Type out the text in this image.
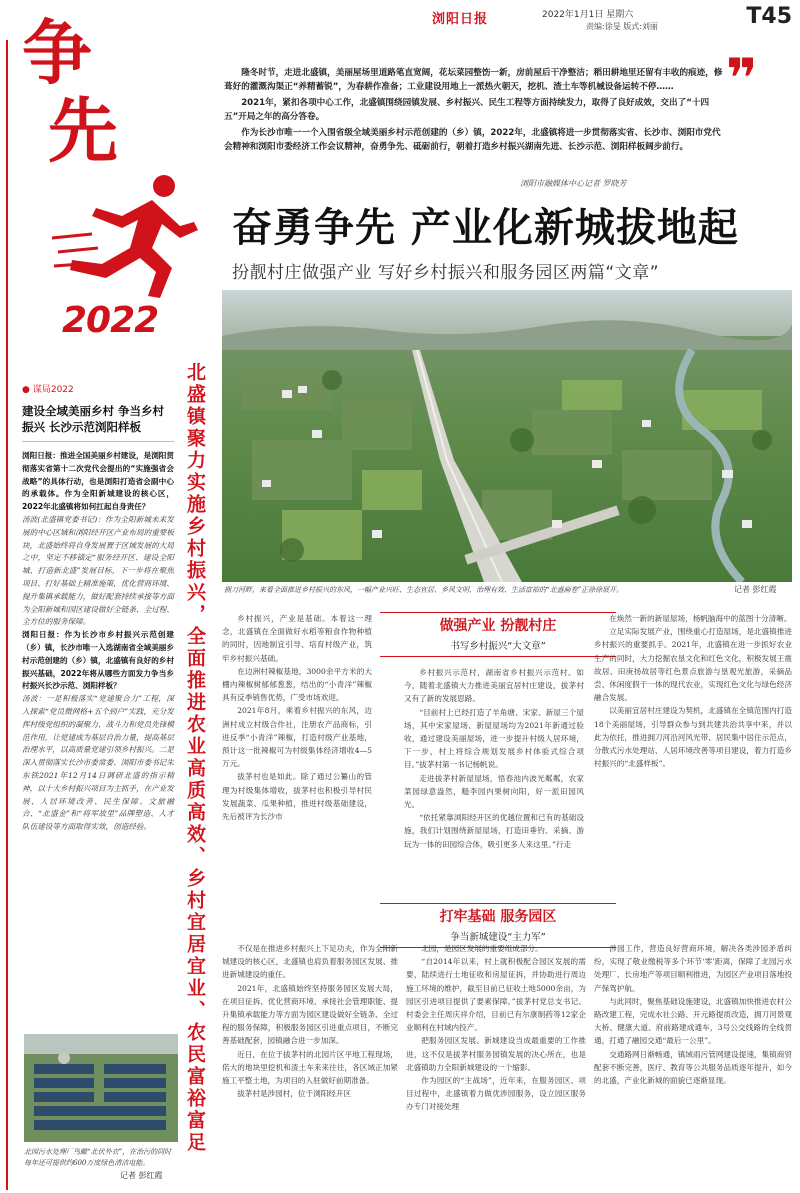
浏阳日报	2022年1月1日 星期六
责编:徐旻 版式:刘丽	T45
争
先
2022
❞

隆冬时节，走进北盛镇，美丽屋场里道路笔直宽阔，花坛菜园整饬一新，房前屋后干净整洁；稻田耕地里还留有丰收的痕迹，修葺好的灌溉沟渠正“养精蓄锐”，为春耕作准备；工业建设用地上一派热火朝天，挖机、渣土车等机械设备运转不停……

2021年，紧扣各项中心工作，北盛镇围绕园镇发展、乡村振兴、民生工程等方面持续发力，取得了良好成效，交出了“十四五”开局之年的高分答卷。

作为长沙市唯一一个入围省级全域美丽乡村示范创建的（乡）镇，2022年，北盛镇将进一步贯彻落实省、长沙市、浏阳市党代会精神和浏阳市委经济工作会议精神，奋勇争先、砥砺前行，朝着打造乡村振兴湖南先进、长沙示范、浏阳样板阔步前行。

浏阳市融媒体中心记者 罗晓芳
奋勇争先 产业化新城拔地起
扮靓村庄做强产业 写好乡村振兴和服务园区两篇“文章”
拥刀河畔，来看全面推进乡村振兴的东风，一幅产业兴旺、生态宜居、乡风文明、治理有效、生活富裕的“北盛画卷”正徐徐展开。	记者 彭红霞
● 谋局2022
建设全域美丽乡村 争当乡村振兴 长沙示范浏阳样板

浏阳日报：推进全国美丽乡村建设，是浏阳贯彻落实省第十二次党代会提出的“实施强省会战略”的具体行动，也是浏阳打造省会副中心的承载体。作为全阳新城建设的核心区，2022年北盛镇将如何扛起自身责任？

汤波(北盛镇党委书记)：作为全阳新城未来发展的中心区域和浏阳经开区产业布局的重要板块，北盛始终将自身发展置于区域发展的大局之中，坚定不移锚定“服务经开区、建设全阳城、打造新北盛”发展目标，下一步将在聚焦项目、打好基础上精准施策，优化营商环境、提升集镇承载能力，做好配套持续承接等方面为全阳新城和园区建设做好全链条、全过程、全方位的服务保障。

浏阳日报：作为长沙市乡村振兴示范创建（乡）镇，长沙市唯一入选湖南省全域美丽乡村示范创建的（乡）镇，北盛镇有良好的乡村振兴基础，2022年将从哪些方面发力争当乡村振兴长沙示范、浏阳样板？

汤波：一是积极落实“党建聚合力”工程，深入探索“党员微网格+五个到户”实践，充分发挥村级党组织的凝聚力、战斗力和党员先锋模范作用，让党建成为基层自治力量，提高基层治理水平，以高质量党建引领乡村振兴。二是深入贯彻落实长沙市委常委、浏阳市委书记朱东铁2021年12月14日调研北盛的指示精神，以十大乡村振兴项目为主抓手，在产业发展、人居环境改善、民生保障、文旅融合、“北盛金”和“将军故里”品牌塑造、人才队伍建设等方面取得实效，创造经验。	北盛镇聚力实施乡村振兴，全面推进农业高质高效、乡村宜居宜业、农民富裕富足
北园污水处理厂鸟瞰“北伏外衣”，在治污的同时每年还可提供约600万度绿色清洁电能。
记者 彭红霞
做强产业 扮靓村庄
书写乡村振兴“大文章”

乡村振兴，产业是基础。本着这一理念，北盛镇在全面做好水稻等粮食作物种植的同时，因地制宜引导、培育村级产业，筑牢乡村振兴基础。

在边洲村辣椒基地，3000余平方米的大棚内辣椒树郁郁葱葱，结出的“小青洋”辣椒具有反季销售优势，广受市场欢迎。

2021年8月，乘着乡村振兴的东风，边洲村成立村级合作社，注册农产品商标，引进反季“小青洋”辣椒，打造村级产业基地，预计这一批辣椒可为村级集体经济增收4—5万元。

拔茅村也是如此。除了通过公纂山的管理为村级集体增收，拔茅村也积极引导村民发展蔬菜、瓜果种植，推进村级基础建设，先后被评为长沙市

乡村振兴示范村，湖南省乡村振兴示范村。如今，随着北盛镇大力推进美丽宜居村庄建设，拔茅村又有了新的发展思路。

“目前村上已经打造了羊角塘、宋家、新屋三个屋场，其中宋家屋场、新屋屋场均为2021年新通过验收，通过建设美丽屋场，进一步提升村级人居环境，下一步，村上将综合规划发展乡村体验式综合项目。”拔茅村第一书记杨帆说。

走进拔茅村新屋屋场，悟春池内波光粼粼，农家菜园绿意盎然，糙李园内果树向阳，好一派田园风光。

“依托紧靠浏阳经开区的优越位置和已有的基础设施，我们计划围绕新屋屋场，打造田垂钓、采摘、游玩为一体的田园综合体，吸引更多人来这里。”行走

在焕然一新的新屋屋场，杨帆脑海中的蓝图十分清晰。

立足实际发展产业，围绕重心打造屋场，是北盛镇推进乡村振兴的重要抓手。2021年，北盛镇在进一步抓好农业生产的同时，大力挖掘农垦文化和红色文化，积极发展王震故居、田庚扬故居等红色景点旅游与垦观光旅游，采摘品尝、休闲度假于一体的现代农业，实现红色文化与绿色经济融合发展。

以美丽宜居村庄建设为契机，北盛镇在全镇范围内打造18个美丽屋场，引导群众参与到共建共治共享中来，并以此为依托，推进拥刀河沿河风光带、居民集中居住示范点，分散式污水处理站、人居环境改善等项目建设，着力打造乡村振兴的“北盛样板”。

打牢基础 服务园区
争当新城建设“主力军”

不仅是在推进乡村振兴上下足功夫，作为全阳新城建设的核心区，北盛镇也肩负着服务园区发展、推进新城建设的重任。

2021年，北盛镇始终坚持服务园区发展大局，在项目征拆、优化营商环境、承接社会管理职能、提升集镇承载能力等方面为园区建设做好全链条、全过程的服务保障，积极服务园区引进重点项目，不断完善基础配套，园镇融合进一步加深。

近日，在位于拔茅村的北园片区平地工程现场，偌大的地块里挖机和渣土车来来往往，各区域正加紧施工平整土地，为项目的入驻做好前期准备。

拔茅村是涉园村，位于浏阳经开区

北园，是园区发展的重要组成部分。

“自2014年以来，村上就积极配合园区发展的需要，陆续进行土地征收和房屋征拆，并协助进行周边施工环境的维护，截至目前已征收土地5000余亩，为园区引进项目提供了要素保障。”拔茅村党总支书记、村委会主任周庆祥介绍，目前已有尔康制药等12家企业顺利在村域内投产。

把服务园区发展、新城建设当成最重要的工作推进，这不仅是拔茅村服务园镇发展的决心所在，也是北盛镇助力全阳新城建设的一个缩影。

作为园区的“主战场”，近年来，在服务园区、项目过程中，北盛镇着力做优涉园服务，设立园区服务办专门对接处理

涉园工作，营造良好营商环境，解决各类涉园矛盾纠纷，实现了敬业缴税等多个环节‘零’距离，保障了北园污水处理厂、长房地产等项目顺利推进，为园区产业项目落地投产保驾护航。

与此同时，聚焦基础设施建设，北盛镇加快推进农村公路改建工程，完成水社公路、开元路提质改造，拥刀河景观大桥、健康大道、府前路建成通车，3号公交线路的全线贯通，打通了融园交通“最后一公里”。

交通路网日渐畅通，镇域雨污管网建设提速，集镇商贸配套不断完善，医疗、教育等公共服务品质逐年提升，如今的北盛，产业化新城的面貌已逐渐显现。
